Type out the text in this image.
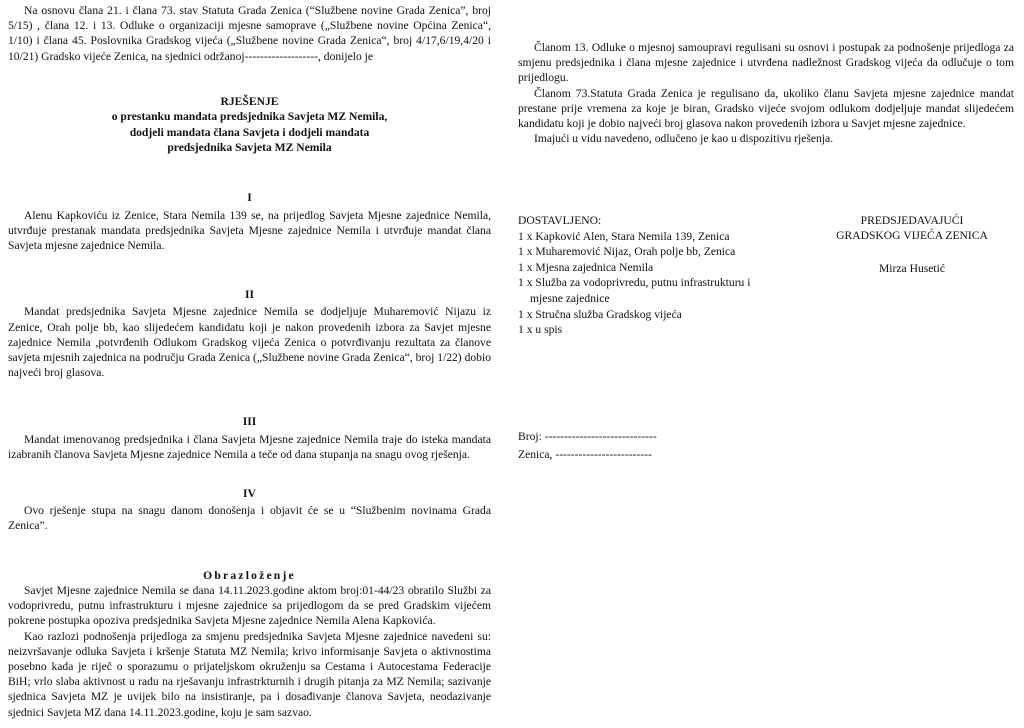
Na osnovu člana 21. i člana 73. stav Statuta Grada Zenica (“Službene novine Grada Zenica”, broj 5/15) , člana 12. i 13. Odluke o organizaciji mjesne samoprave („Službene novine Općina Zenica“, 1/10) i člana 45. Poslovnika Gradskog vijeća („Službene novine Grada Zenica“, broj 4/17,6/19,4/20 i 10/21) Gradsko vijeće Zenica, na sjednici održanoj-------------------, donijelo je

RJEŠENJE
o prestanku mandata predsjednika Savjeta MZ Nemila,
dodjeli mandata člana Savjeta i dodjeli mandata
predsjednika Savjeta MZ Nemila
I

Alenu Kapkoviću iz Zenice, Stara Nemila 139 se, na prijedlog Savjeta Mjesne zajednice Nemila, utvrđuje prestanak mandata predsjednika Savjeta Mjesne zajednice Nemila i utvrđuje mandat člana Savjeta mjesne zajednice Nemila.

II

Mandat predsjednika Savjeta Mjesne zajednice Nemila se dodjeljuje Muharemović Nijazu iz Zenice, Orah polje bb, kao slijedećem kandidatu koji je nakon provedenih izbora za Savjet mjesne zajednice Nemila ,potvrđenih Odlukom Gradskog vijeća Zenica o potvrđivanju rezultata za članove savjeta mjesnih zajednica na području Grada Zenica („Službene novine Grada Zenica“, broj 1/22) dobio najveći broj glasova.

III

Mandat imenovanog predsjednika i člana Savjeta Mjesne zajednice Nemila traje do isteka mandata izabranih članova Savjeta Mjesne zajednice Nemila a teče od dana stupanja na snagu ovog rješenja.

IV

Ovo rješenje stupa na snagu danom donošenja i objavit će se u “Službenim novinama Grada Zenica”.

Obrazloženje

Savjet Mjesne zajednice Nemila se dana 14.11.2023.godine aktom broj:01-44/23 obratilo Službi za vodoprivredu, putnu infrastrukturu i mjesne zajednice sa prijedlogom da se pred Gradskim vijećem pokrene postupka opoziva predsjednika Savjeta Mjesne zajednice Nemila Alena Kapkovića.

Kao razlozi podnošenja prijedloga za smjenu predsjednika Savjeta Mjesne zajednice navedeni su: neizvršavanje odluka Savjeta i kršenje Statuta MZ Nemila; krivo informisanje Savjeta o aktivnostima posebno kada je riječ o sporazumu o prijateljskom okruženju sa Cestama i Autocestama Federacije BiH; vrlo slaba aktivnost u radu na rješavanju infrastrkturnih i drugih pitanja za MZ Nemila; sazivanje sjednica Savjeta MZ je uvijek bilo na insistiranje, pa i dosađivanje članova Savjeta, neodazivanje sjednici Savjeta MZ dana 14.11.2023.godine, koju je sam sazvao.

Članom 13. Odluke o mjesnoj samoupravi regulisani su osnovi i postupak za podnošenje prijedloga za smjenu predsjednika i člana mjesne zajednice i utvrđena nadležnost Gradskog vijeća da odlučuje o tom prijedlogu.

Članom 73.Statuta Grada Zenica je regulisano da, ukoliko članu Savjeta mjesne zajednice mandat prestane prije vremena za koje je biran, Gradsko vijeće svojom odlukom dodjeljuje mandat slijedećem kandidatu koji je dobio najveći broj glasova nakon provedenih izbora u Savjet mjesne zajednice.

Imajući u vidu navedeno, odlučeno je kao u dispozitivu rješenja.

DOSTAVLJENO:
1 x Kapković Alen, Stara Nemila 139, Zenica
1 x Muharemović Nijaz, Orah polje bb, Zenica
1 x Mjesna zajednica Nemila
1 x Služba za vodoprivredu, putnu infrastrukturu i
mjesne zajednice
1 x Stručna služba Gradskog vijeća
1 x u spis
PREDSJEDAVAJUĆI
GRADSKOG VIJEĆA ZENICA
Mirza Husetić
Broj: -----------------------------
Zenica, -------------------------
